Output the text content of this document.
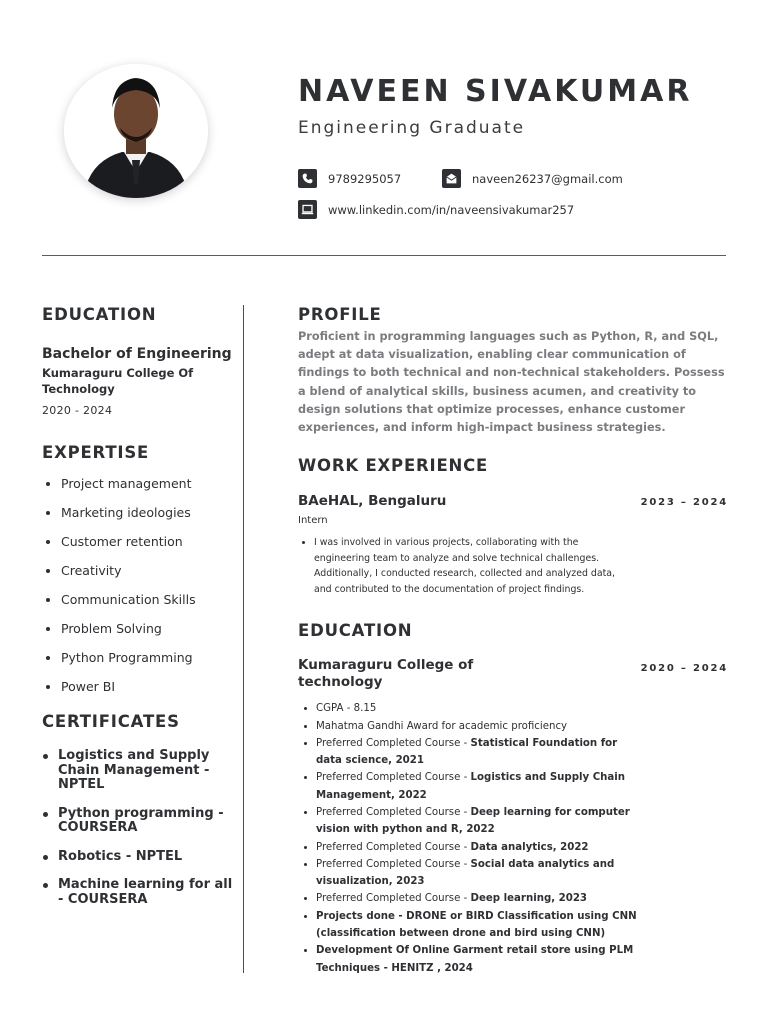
NAVEEN SIVAKUMAR
Engineering Graduate
9789295057	naveen26237@gmail.com
www.linkedin.com/in/naveensivakumar257
EDUCATION
Bachelor of Engineering
Kumaraguru College Of Technology
2020 - 2024
EXPERTISE
Project management
Marketing ideologies
Customer retention
Creativity
Communication Skills
Problem Solving
Python Programming
Power BI
CERTIFICATES
Logistics and Supply Chain Management - NPTEL
Python programming - COURSERA
Robotics - NPTEL
Machine learning for all - COURSERA
PROFILE

Proficient in programming languages such as Python, R, and SQL, adept at data visualization, enabling clear communication of findings to both technical and non-technical stakeholders. Possess a blend of analytical skills, business acumen, and creativity to design solutions that optimize processes, enhance customer experiences, and inform high-impact business strategies.

WORK EXPERIENCE
BAeHAL, Bengaluru	2023 – 2024
Intern
• I was involved in various projects, collaborating with the engineering team to analyze and solve technical challenges. Additionally, I conducted research, collected and analyzed data, and contributed to the documentation of project findings.
EDUCATION
Kumaraguru College of technology
2020 – 2024
• CGPA - 8.15
• Mahatma Gandhi Award for academic proficiency
• Preferred Completed Course - Statistical Foundation for data science, 2021
• Preferred Completed Course - Logistics and Supply Chain Management, 2022
• Preferred Completed Course - Deep learning for computer vision with python and R, 2022
• Preferred Completed Course - Data analytics, 2022
• Preferred Completed Course - Social data analytics and visualization, 2023
• Preferred Completed Course - Deep learning, 2023
• Projects done - DRONE or BIRD Classification using CNN (classification between drone and bird using CNN)
• Development Of Online Garment retail store using PLM Techniques - HENITZ , 2024
